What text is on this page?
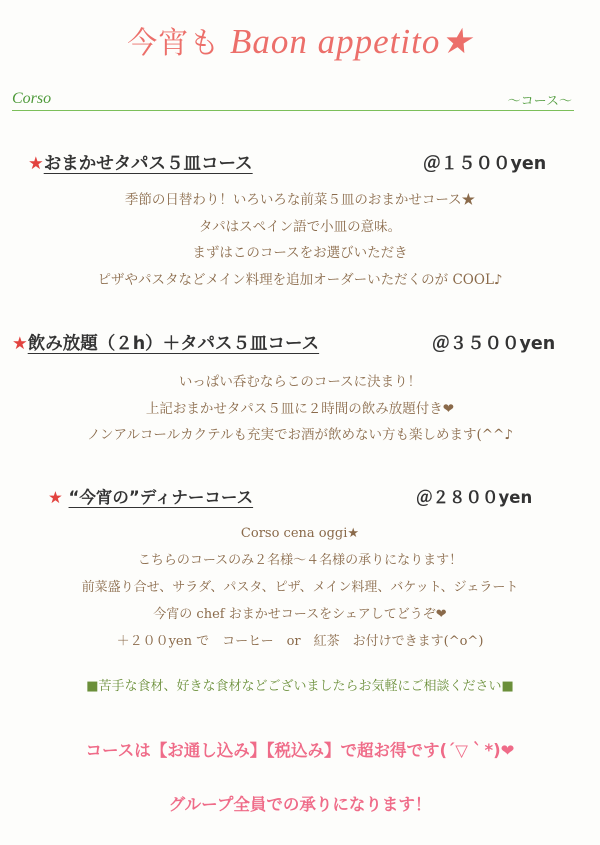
今宵も Baon appetito★
Corso	～コース～
★おまかせタパス５皿コース	＠１５００yen
季節の日替わり！いろいろな前菜５皿のおまかせコース★
タパはスペイン語で小皿の意味。
まずはこのコースをお選びいただき
ピザやパスタなどメイン料理を追加オーダーいただくのが COOL♪
★飲み放題（２h）＋タパス５皿コース	＠３５００yen
いっぱい呑むならこのコースに決まり！
上記おまかせタパス５皿に２時間の飲み放題付き❤
ノンアルコールカクテルも充実でお酒が飲めない方も楽しめます(^^♪
★ “今宵の”ディナーコース	＠２８００yen
Corso cena oggi★
こちらのコースのみ２名様～４名様の承りになります！
前菜盛り合せ、サラダ、パスタ、ピザ、メイン料理、バケット、ジェラート
今宵の chef おまかせコースをシェアしてどうぞ❤
＋２００yen で　コーヒー　or　紅茶　お付けできます(^o^)
■苦手な食材、好きな食材などございましたらお気軽にご相談ください■
コースは【お通し込み】【税込み】で超お得です(´▽｀*)❤
グループ全員での承りになります！
